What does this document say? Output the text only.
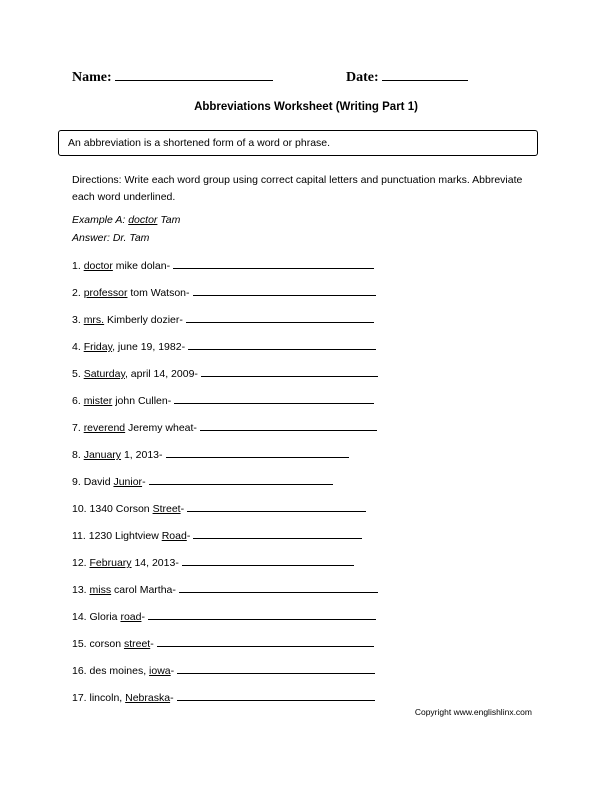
Name:	Date:
Abbreviations Worksheet (Writing Part 1)
An abbreviation is a shortened form of a word or phrase.
Directions: Write each word group using correct capital letters and punctuation marks. Abbreviate each word underlined.
Example A: doctor Tam
Answer: Dr. Tam
1. doctor mike dolan-
2. professor tom Watson-
3. mrs. Kimberly dozier-
4. Friday, june 19, 1982-
5. Saturday, april 14, 2009-
6. mister john Cullen-
7. reverend Jeremy wheat-
8. January 1, 2013-
9. David Junior-
10. 1340 Corson Street-
11. 1230 Lightview Road-
12. February 14, 2013-
13. miss carol Martha-
14. Gloria road-
15. corson street-
16. des moines, iowa-
17. lincoln, Nebraska-
Copyright www.englishlinx.com
